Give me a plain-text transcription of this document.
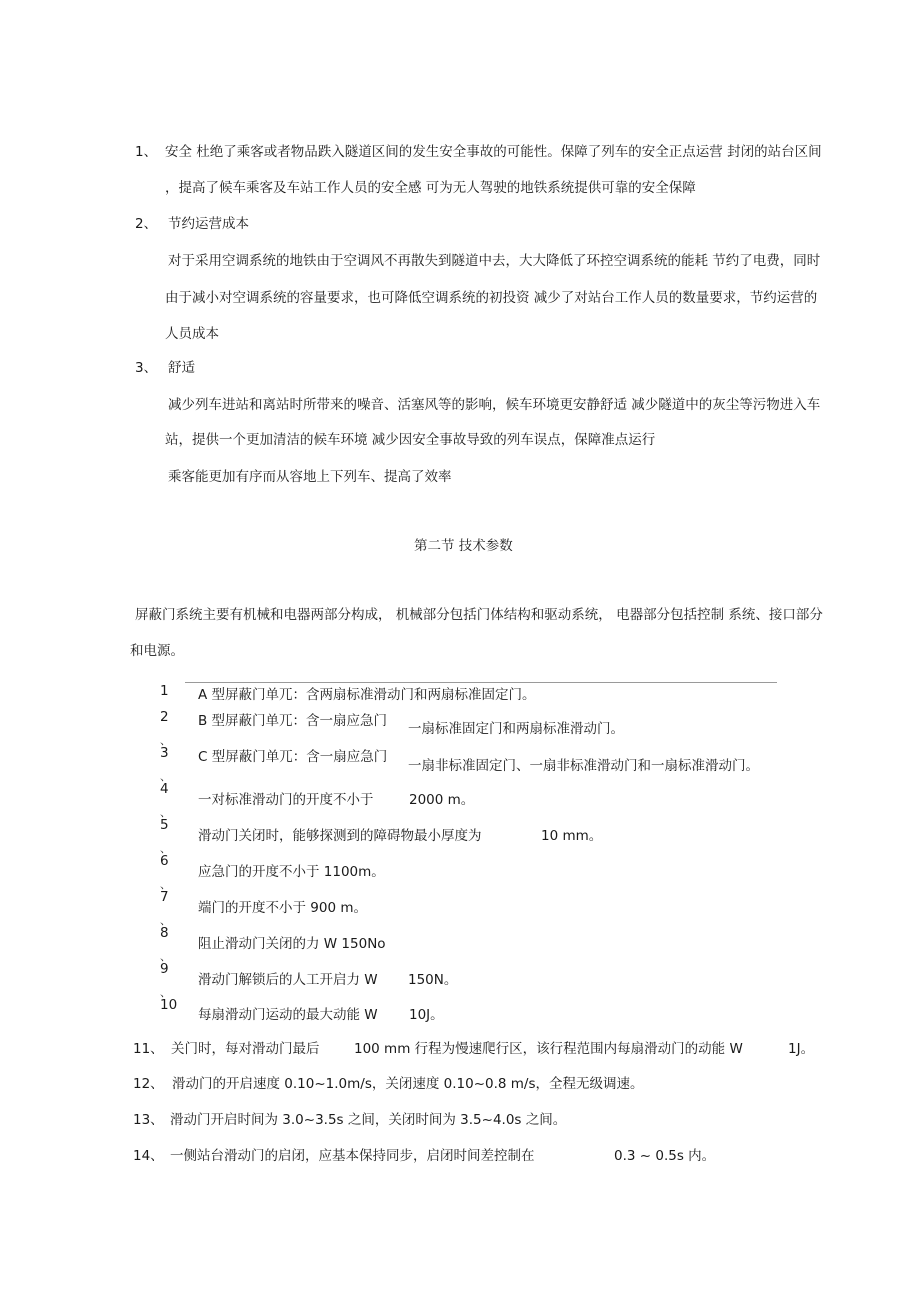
1、 安全 杜绝了乘客或者物品跌入隧道区间的发生安全事故的可能性。保障了列车的安全正点运营 封闭的站台区间
，提高了候车乘客及车站工作人员的安全感 可为无人驾驶的地铁系统提供可靠的安全保障
2、 节约运营成本
对于采用空调系统的地铁由于空调风不再散失到隧道中去，大大降低了环控空调系统的能耗 节约了电费，同时
由于减小对空调系统的容量要求，也可降低空调系统的初投资 减少了对站台工作人员的数量要求，节约运营的
人员成本
3、 舒适
减少列车进站和离站时所带来的噪音、活塞风等的影响，候车环境更安静舒适 减少隧道中的灰尘等污物进入车
站，提供一个更加清洁的候车环境 减少因安全事故导致的列车误点，保障准点运行
乘客能更加有序而从容地上下列车、提高了效率
第二节 技术参数
屏蔽门系统主要有机械和电器两部分构成， 机械部分包括门体结构和驱动系统， 电器部分包括控制 系统、接口部分
和电源。
1 A 型屏蔽门单兀：含两扇标准滑动门和两扇标准固定门。
2
、
B 型屏蔽门单兀：含一扇应急门 一扇标准固定门和两扇标准滑动门。
3
、
C 型屏蔽门单兀：含一扇应急门
一扇非标准固定门、一扇非标准滑动门和一扇标准滑动门。
4
、
一对标准滑动门的开度不小于	2000 m。
5
、
滑动门关闭时，能够探测到的障碍物最小厚度为	10 mm。
6
、
应急门的开度不小于 1100m。
7
、
端门的开度不小于 900 m。
8
、
阻止滑动门关闭的力 W 150No
9
、
滑动门解锁后的人工开启力 W 150N。
10
每扇滑动门运动的最大动能 W 10J。
11、 关门时，每对滑动门最后	100 mm 行程为慢速爬行区，该行程范围内每扇滑动门的动能 W	1J。
12、 滑动门的开启速度 0.10~1.0m/s，关闭速度 0.10~0.8 m/s，全程无级调速。
13、 滑动门开启时间为 3.0~3.5s 之间，关闭时间为 3.5~4.0s 之间。
14、 一侧站台滑动门的启闭，应基本保持同步，启闭时间差控制在	0.3 ~ 0.5s 内。
